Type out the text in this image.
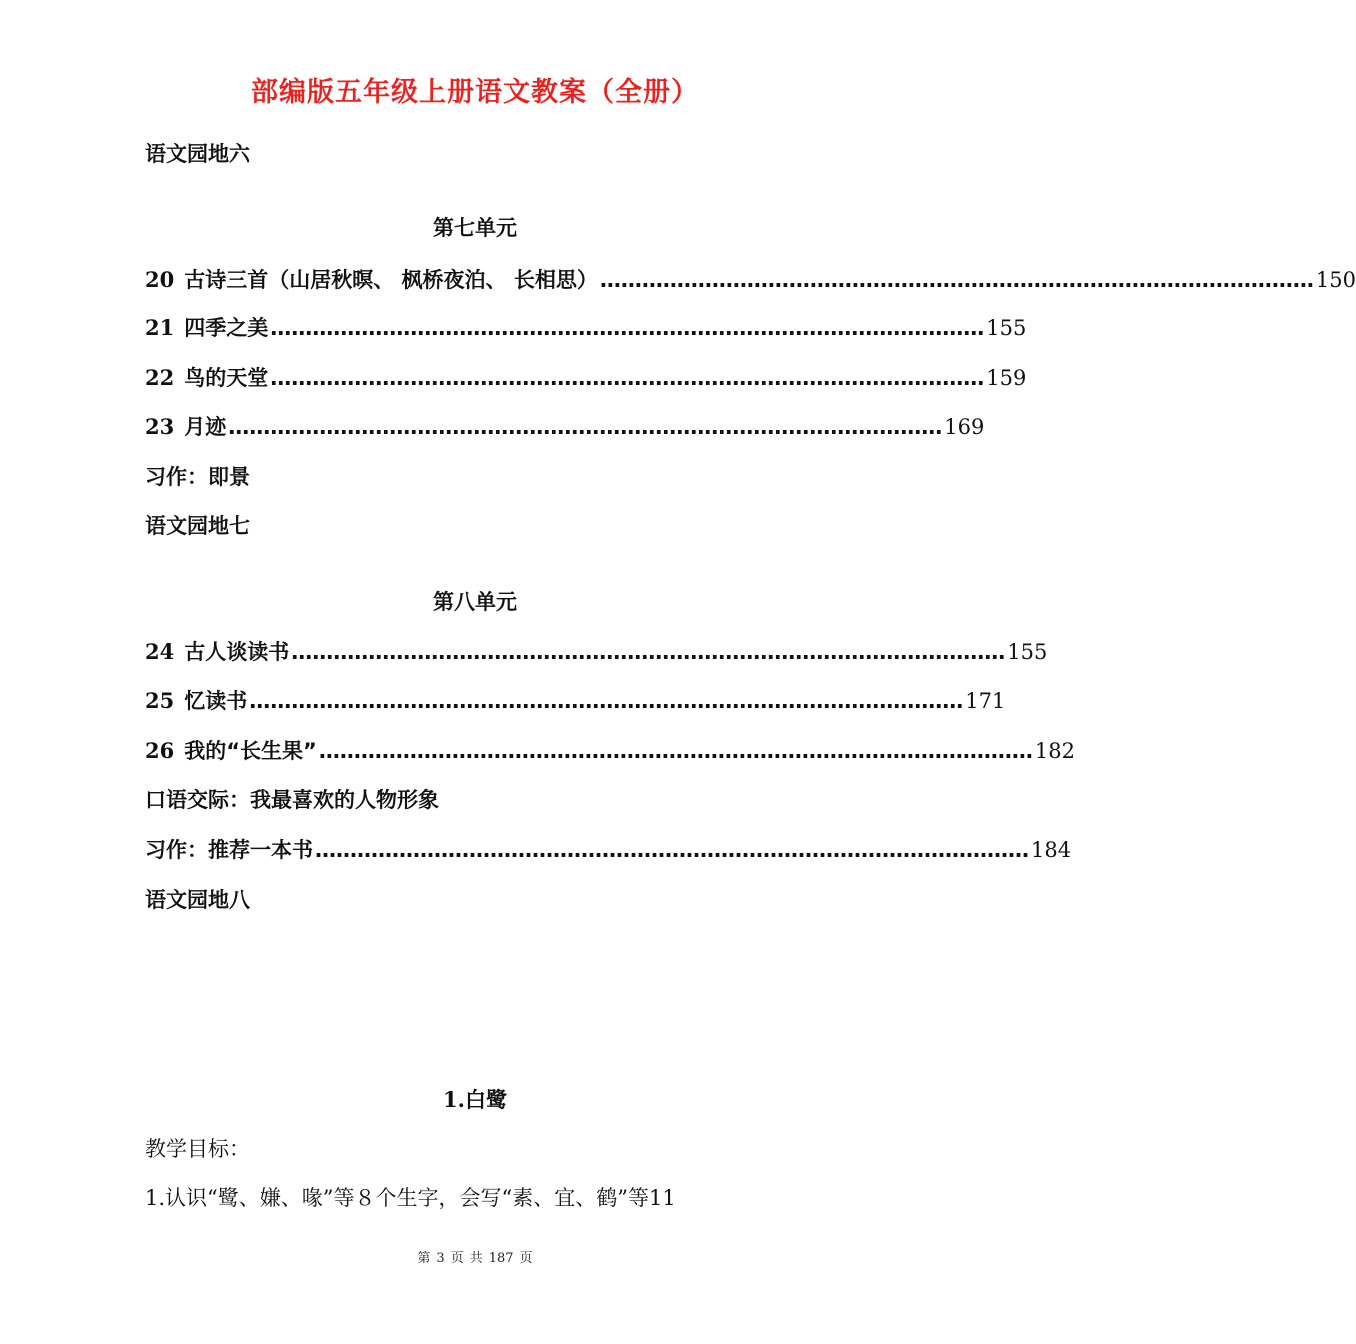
部编版五年级上册语文教案（全册）
语文园地六
第七单元
20 古诗三首（山居秋暝、 枫桥夜泊、 长相思） ………………………………………………………………………………………… 150
21 四季之美 ………………………………………………………………………………………… 155
22 鸟的天堂 ………………………………………………………………………………………… 159
23 月迹 ………………………………………………………………………………………… 169
习作：即景
语文园地七
第八单元
24 古人谈读书 ………………………………………………………………………………………… 155
25 忆读书 ………………………………………………………………………………………… 171
26 我的“长生果” ………………………………………………………………………………………… 182
口语交际：我最喜欢的人物形象
习作：推荐一本书 ………………………………………………………………………………………… 184
语文园地八
1.白鹭
教学目标：
1.认识“鹭、嫌、喙”等８个生字，会写“素、宜、鹤”等11
第 3 页 共 187 页
